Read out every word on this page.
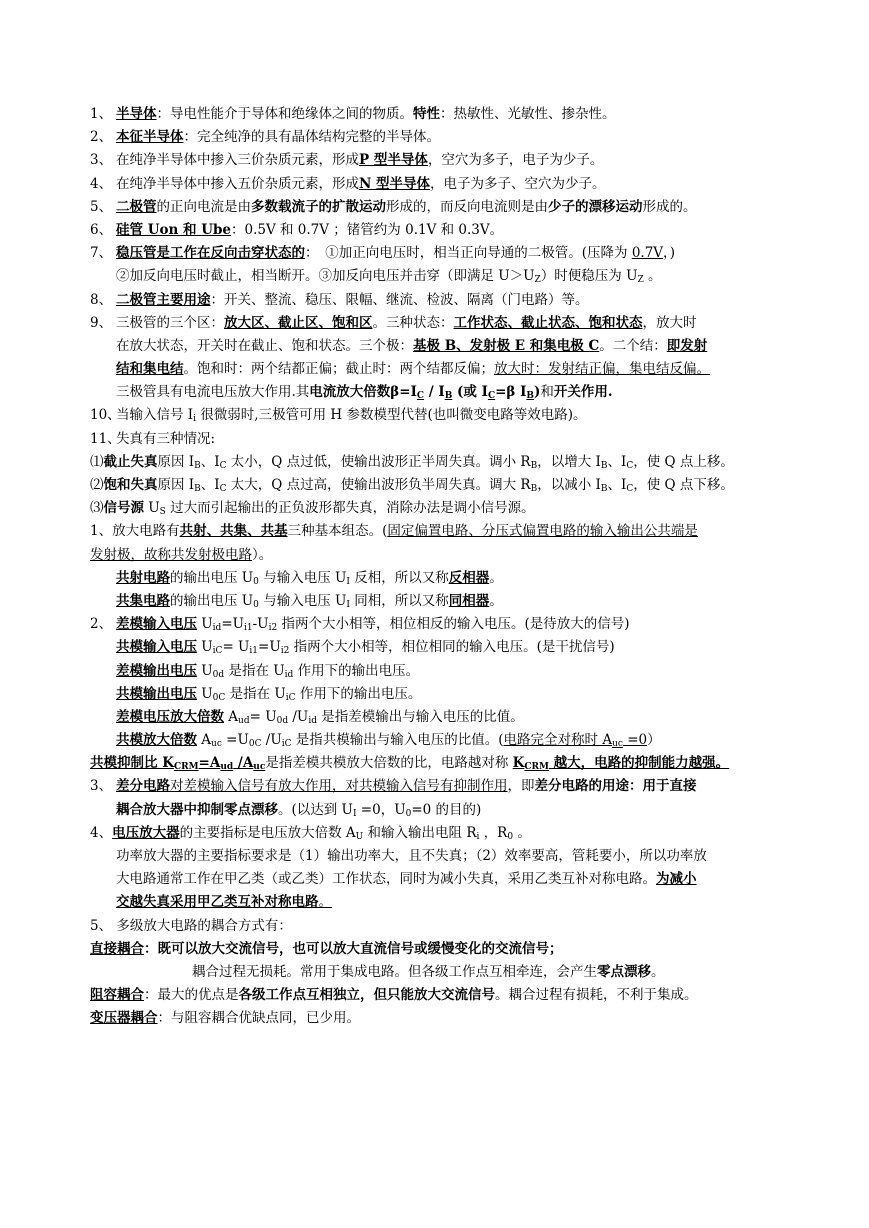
1、 半导体：导电性能介于导体和绝缘体之间的物质。特性：热敏性、光敏性、掺杂性。
2、 本征半导体：完全纯净的具有晶体结构完整的半导体。
3、 在纯净半导体中掺入三价杂质元素，形成P 型半导体，空穴为多子，电子为少子。
4、 在纯净半导体中掺入五价杂质元素，形成N 型半导体，电子为多子、空穴为少子。
5、 二极管的正向电流是由多数载流子的扩散运动形成的，而反向电流则是由少子的漂移运动形成的。
6、 硅管 Uon 和 Ube：0.5V 和 0.7V ；锗管约为 0.1V 和 0.3V。
7、 稳压管是工作在反向击穿状态的：　①加正向电压时，相当正向导通的二极管。(压降为 0.7V，)
②加反向电压时截止，相当断开。③加反向电压并击穿（即满足 $U>U_Z$）时便稳压为 $U_Z$ 。
8、 二极管主要用途：开关、整流、稳压、限幅、继流、检波、隔离（门电路）等。
9、 三极管的三个区：放大区、截止区、饱和区。三种状态：工作状态、截止状态、饱和状态，放大时
在放大状态，开关时在截止、饱和状态。三个极：基极 B、发射极 E 和集电极 C。二个结：即发射
结和集电结。饱和时：两个结都正偏；截止时：两个结都反偏；放大时：发射结正偏，集电结反偏。
三极管具有电流电压放大作用.其电流放大倍数$\beta=I_C / I_B$ (或 $I_C=\beta$ $I_B$)和开关作用.
10、当输入信号 $I_i$ 很微弱时,三极管可用 H 参数模型代替(也叫微变电路等效电路)。
11、失真有三种情况:
⑴截止失真原因 $I_B$、$I_C$ 太小，Q 点过低，使输出波形正半周失真。调小 $R_B$，以增大 $I_B$、$I_C$，使 Q 点上移。
⑵饱和失真原因 $I_B$、$I_C$ 太大，Q 点过高，使输出波形负半周失真。调大 $R_B$，以减小 $I_B$、$I_C$，使 Q 点下移。
⑶信号源 $U_S$ 过大而引起输出的正负波形都失真，消除办法是调小信号源。
1、放大电路有共射、共集、共基三种基本组态。(固定偏置电路、分压式偏置电路的输入输出公共端是
发射极，故称共发射极电路）。
共射电路的输出电压 $U_0$ 与输入电压 $U_I$ 反相，所以又称反相器。
共集电路的输出电压 $U_0$ 与输入电压 $U_I$ 同相，所以又称同相器。
2、 差模输入电压 $U_{id}=U_{i1}-U_{i2}$ 指两个大小相等，相位相反的输入电压。(是待放大的信号)
共模输入电压 $U_{iC}= U_{i1}=U_{i2}$ 指两个大小相等，相位相同的输入电压。(是干扰信号)
差模输出电压 $U_{0d}$ 是指在 $U_{id}$ 作用下的输出电压。
共模输出电压 $U_{0C}$ 是指在 $U_{iC}$ 作用下的输出电压。
差模电压放大倍数 $A_{ud}= U_{0d}$ $/U_{id}$ 是指差模输出与输入电压的比值。
共模放大倍数 $A_{uc} =U_{0C}$ $/U_{iC}$ 是指共模输出与输入电压的比值。(电路完全对称时 $A_{uc} =0$）
共模抑制比 $K_{CRM}=A_{ud}$ $/A_{uc}$是指差模共模放大倍数的比，电路越对称 $K_{CRM}$ 越大，电路的抑制能力越强。
3、 差分电路对差模输入信号有放大作用，对共模输入信号有抑制作用，即差分电路的用途：用于直接
耦合放大器中抑制零点漂移。(以达到 $U_I =0$，$U_0=0$ 的目的)
4、电压放大器的主要指标是电压放大倍数 $A_U$ 和输入输出电阻 $R_i$ ，$R_0$ 。
功率放大器的主要指标要求是（1）输出功率大，且不失真；（2）效率要高，管耗要小，所以功率放
大电路通常工作在甲乙类（或乙类）工作状态，同时为减小失真，采用乙类互补对称电路。为减小
交越失真采用甲乙类互补对称电路。
5、 多级放大电路的耦合方式有：
直接耦合：既可以放大交流信号，也可以放大直流信号或缓慢变化的交流信号；
耦合过程无损耗。常用于集成电路。但各级工作点互相牵连，会产生零点漂移。
阻容耦合：最大的优点是各级工作点互相独立，但只能放大交流信号。耦合过程有损耗，不利于集成。
变压器耦合：与阻容耦合优缺点同，已少用。
